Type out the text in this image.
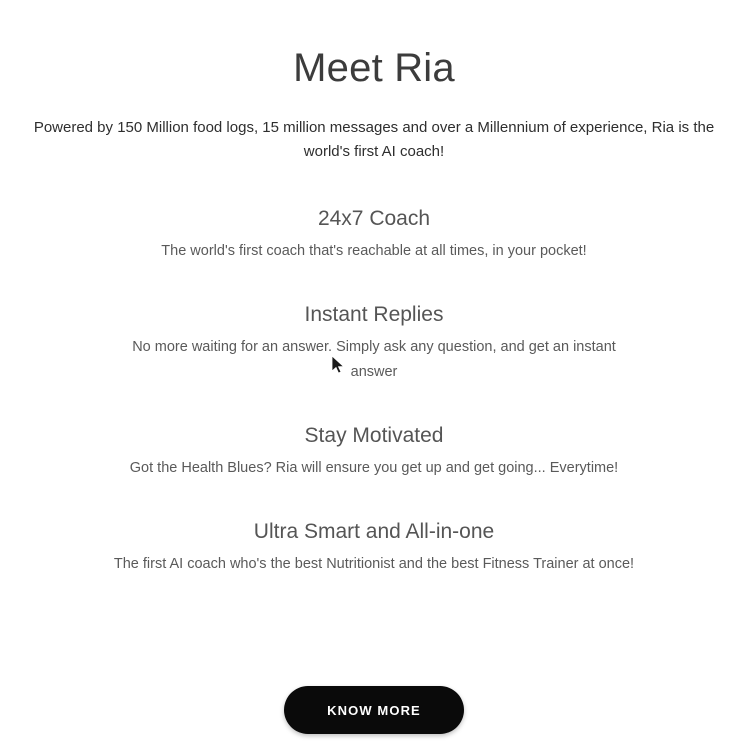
Meet Ria

Powered by 150 Million food logs, 15 million messages and over a Millennium of experience, Ria is the world's first AI coach!

24x7 Coach

The world's first coach that's reachable at all times, in your pocket!

Instant Replies

No more waiting for an answer. Simply ask any question, and get an instant answer

Stay Motivated

Got the Health Blues? Ria will ensure you get up and get going... Everytime!

Ultra Smart and All-in-one

The first AI coach who's the best Nutritionist and the best Fitness Trainer at once!

KNOW MORE
